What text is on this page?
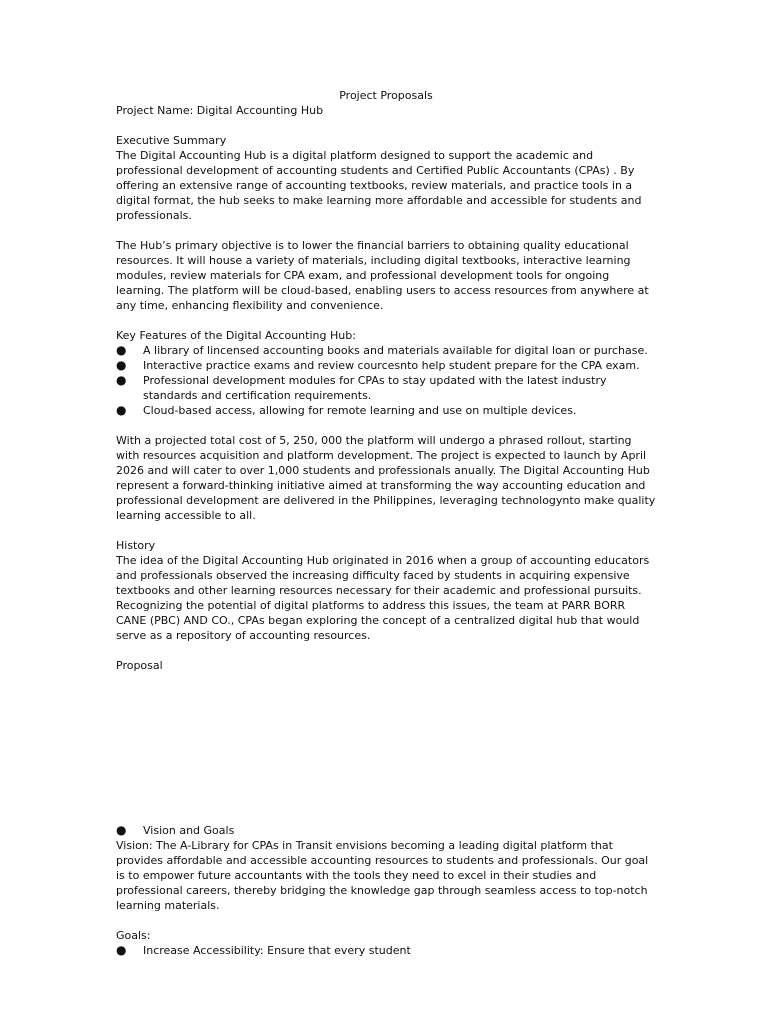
Project Proposals

Project Name: Digital Accounting Hub

Executive Summary

The Digital Accounting Hub is a digital platform designed to support the academic and professional development of accounting students and Certified Public Accountants (CPAs) . By offering an extensive range of accounting textbooks, review materials, and practice tools in a digital format, the hub seeks to make learning more affordable and accessible for students and professionals.

The Hub’s primary objective is to lower the financial barriers to obtaining quality educational resources. It will house a variety of materials, including digital textbooks, interactive learning modules, review materials for CPA exam, and professional development tools for ongoing learning. The platform will be cloud-based, enabling users to access resources from anywhere at any time, enhancing flexibility and convenience.

Key Features of the Digital Accounting Hub:

● A library of lincensed accounting books and materials available for digital loan or purchase.
● Interactive practice exams and review courcesnto help student prepare for the CPA exam.
● Professional development modules for CPAs to stay updated with the latest industry standards and certification requirements.
● Cloud-based access, allowing for remote learning and use on multiple devices.

With a projected total cost of 5, 250, 000 the platform will undergo a phrased rollout, starting with resources acquisition and platform development. The project is expected to launch by April 2026 and will cater to over 1,000 students and professionals anually. The Digital Accounting Hub represent a forward-thinking initiative aimed at transforming the way accounting education and professional development are delivered in the Philippines, leveraging technologynto make quality learning accessible to all.

History

The idea of the Digital Accounting Hub originated in 2016 when a group of accounting educators and professionals observed the increasing difficulty faced by students in acquiring expensive textbooks and other learning resources necessary for their academic and professional pursuits. Recognizing the potential of digital platforms to address this issues, the team at PARR BORR CANE (PBC) AND CO., CPAs began exploring the concept of a centralized digital hub that would serve as a repository of accounting resources.

Proposal

● Vision and Goals

Vision: The A-Library for CPAs in Transit envisions becoming a leading digital platform that provides affordable and accessible accounting resources to students and professionals. Our goal is to empower future accountants with the tools they need to excel in their studies and professional careers, thereby bridging the knowledge gap through seamless access to top-notch learning materials.

Goals:

● Increase Accessibility: Ensure that every student
